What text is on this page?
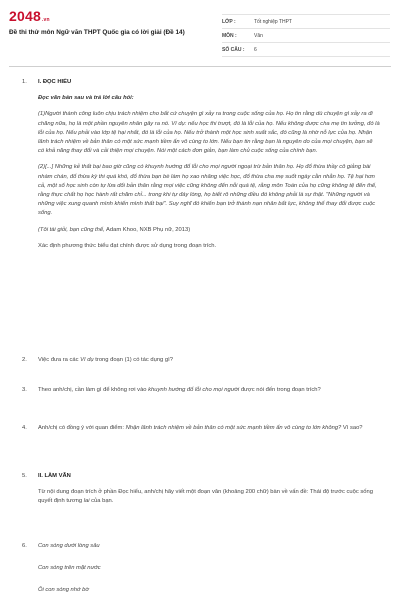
2048.vn
Đề thi thử môn Ngữ văn THPT Quốc gia có lời giải (Đề 14)
LỚP :	Tốt nghiệp THPT
MÔN :	Văn
SỐ CÂU :	6
1. I. ĐỌC HIỂU

Đọc văn bản sau và trả lời câu hỏi:

(1)Người thành công luôn chịu trách nhiệm cho bất cứ chuyện gì xảy ra trong cuộc sống của họ. Họ tin rằng dù chuyện gì xảy ra đi chăng nữa, họ là một phần nguyên nhân gây ra nó. Ví dụ: nếu học thi trượt, đó là lỗi của họ. Nếu không được cha mẹ tin tưởng, đó là lỗi của họ. Nếu phải vào lớp tệ hại nhất, đó là lỗi của họ. Nếu trở thành một học sinh xuất sắc, đó cũng là nhờ nỗ lực của họ. Nhận lãnh trách nhiệm về bản thân có một sức mạnh tiềm ẩn vô cùng to lớn. Nếu bạn tin rằng bạn là nguyên do của mọi chuyện, bạn sẽ có khả năng thay đổi và cải thiện mọi chuyện. Nói một cách đơn giản, bạn làm chủ cuộc sống của chính bạn.

(2)[...] Những kẻ thất bại bao giờ cũng có khuynh hướng đổ lỗi cho mọi người ngoại trừ bản thân họ. Họ đổ thừa thầy cô giảng bài nhàm chán, đổ thừa kỳ thi quá khó, đổ thừa bạn bè làm họ xao nhãng việc học, đổ thừa cha mẹ suốt ngày cằn nhằn họ. Tệ hại hơn cả, một số học sinh còn tự lừa dối bản thân rằng mọi việc cũng không đến nỗi quá tệ, rằng môn Toán của họ cũng không tệ đến thế, rằng thực chất họ học hành rất chăm chỉ... trong khi tự đáy lòng, họ biết rõ những điều đó không phải là sự thật. "Những người và những việc xung quanh mình khiến mình thất bại". Suy nghĩ đó khiến bạn trở thành nạn nhân bất lực, không thể thay đổi được cuộc sống.

(Tôi tài giỏi, bạn cũng thế, Adam Khoo, NXB Phụ nữ, 2013)

Xác định phương thức biểu đạt chính được sử dụng trong đoạn trích.

2. Việc đưa ra các Ví dụ trong đoạn (1) có tác dụng gì?

3. Theo anh/chị, cần làm gì để không rơi vào khuynh hướng đổ lỗi cho mọi người được nói đến trong đoạn trích?

4. Anh/chị có đồng ý với quan điểm: Nhận lãnh trách nhiệm về bản thân có một sức mạnh tiềm ẩn vô cùng to lớn không? Vì sao?

5. II. LÀM VĂN

Từ nội dung đoạn trích ở phần Đọc hiểu, anh/chị hãy viết một đoạn văn (khoảng 200 chữ) bàn về vấn đề: Thái độ trước cuộc sống quyết định tương lai của bạn.

6. Con sóng dưới lòng sâu

Con sóng trên mặt nước

Ôi con sóng nhớ bờ
